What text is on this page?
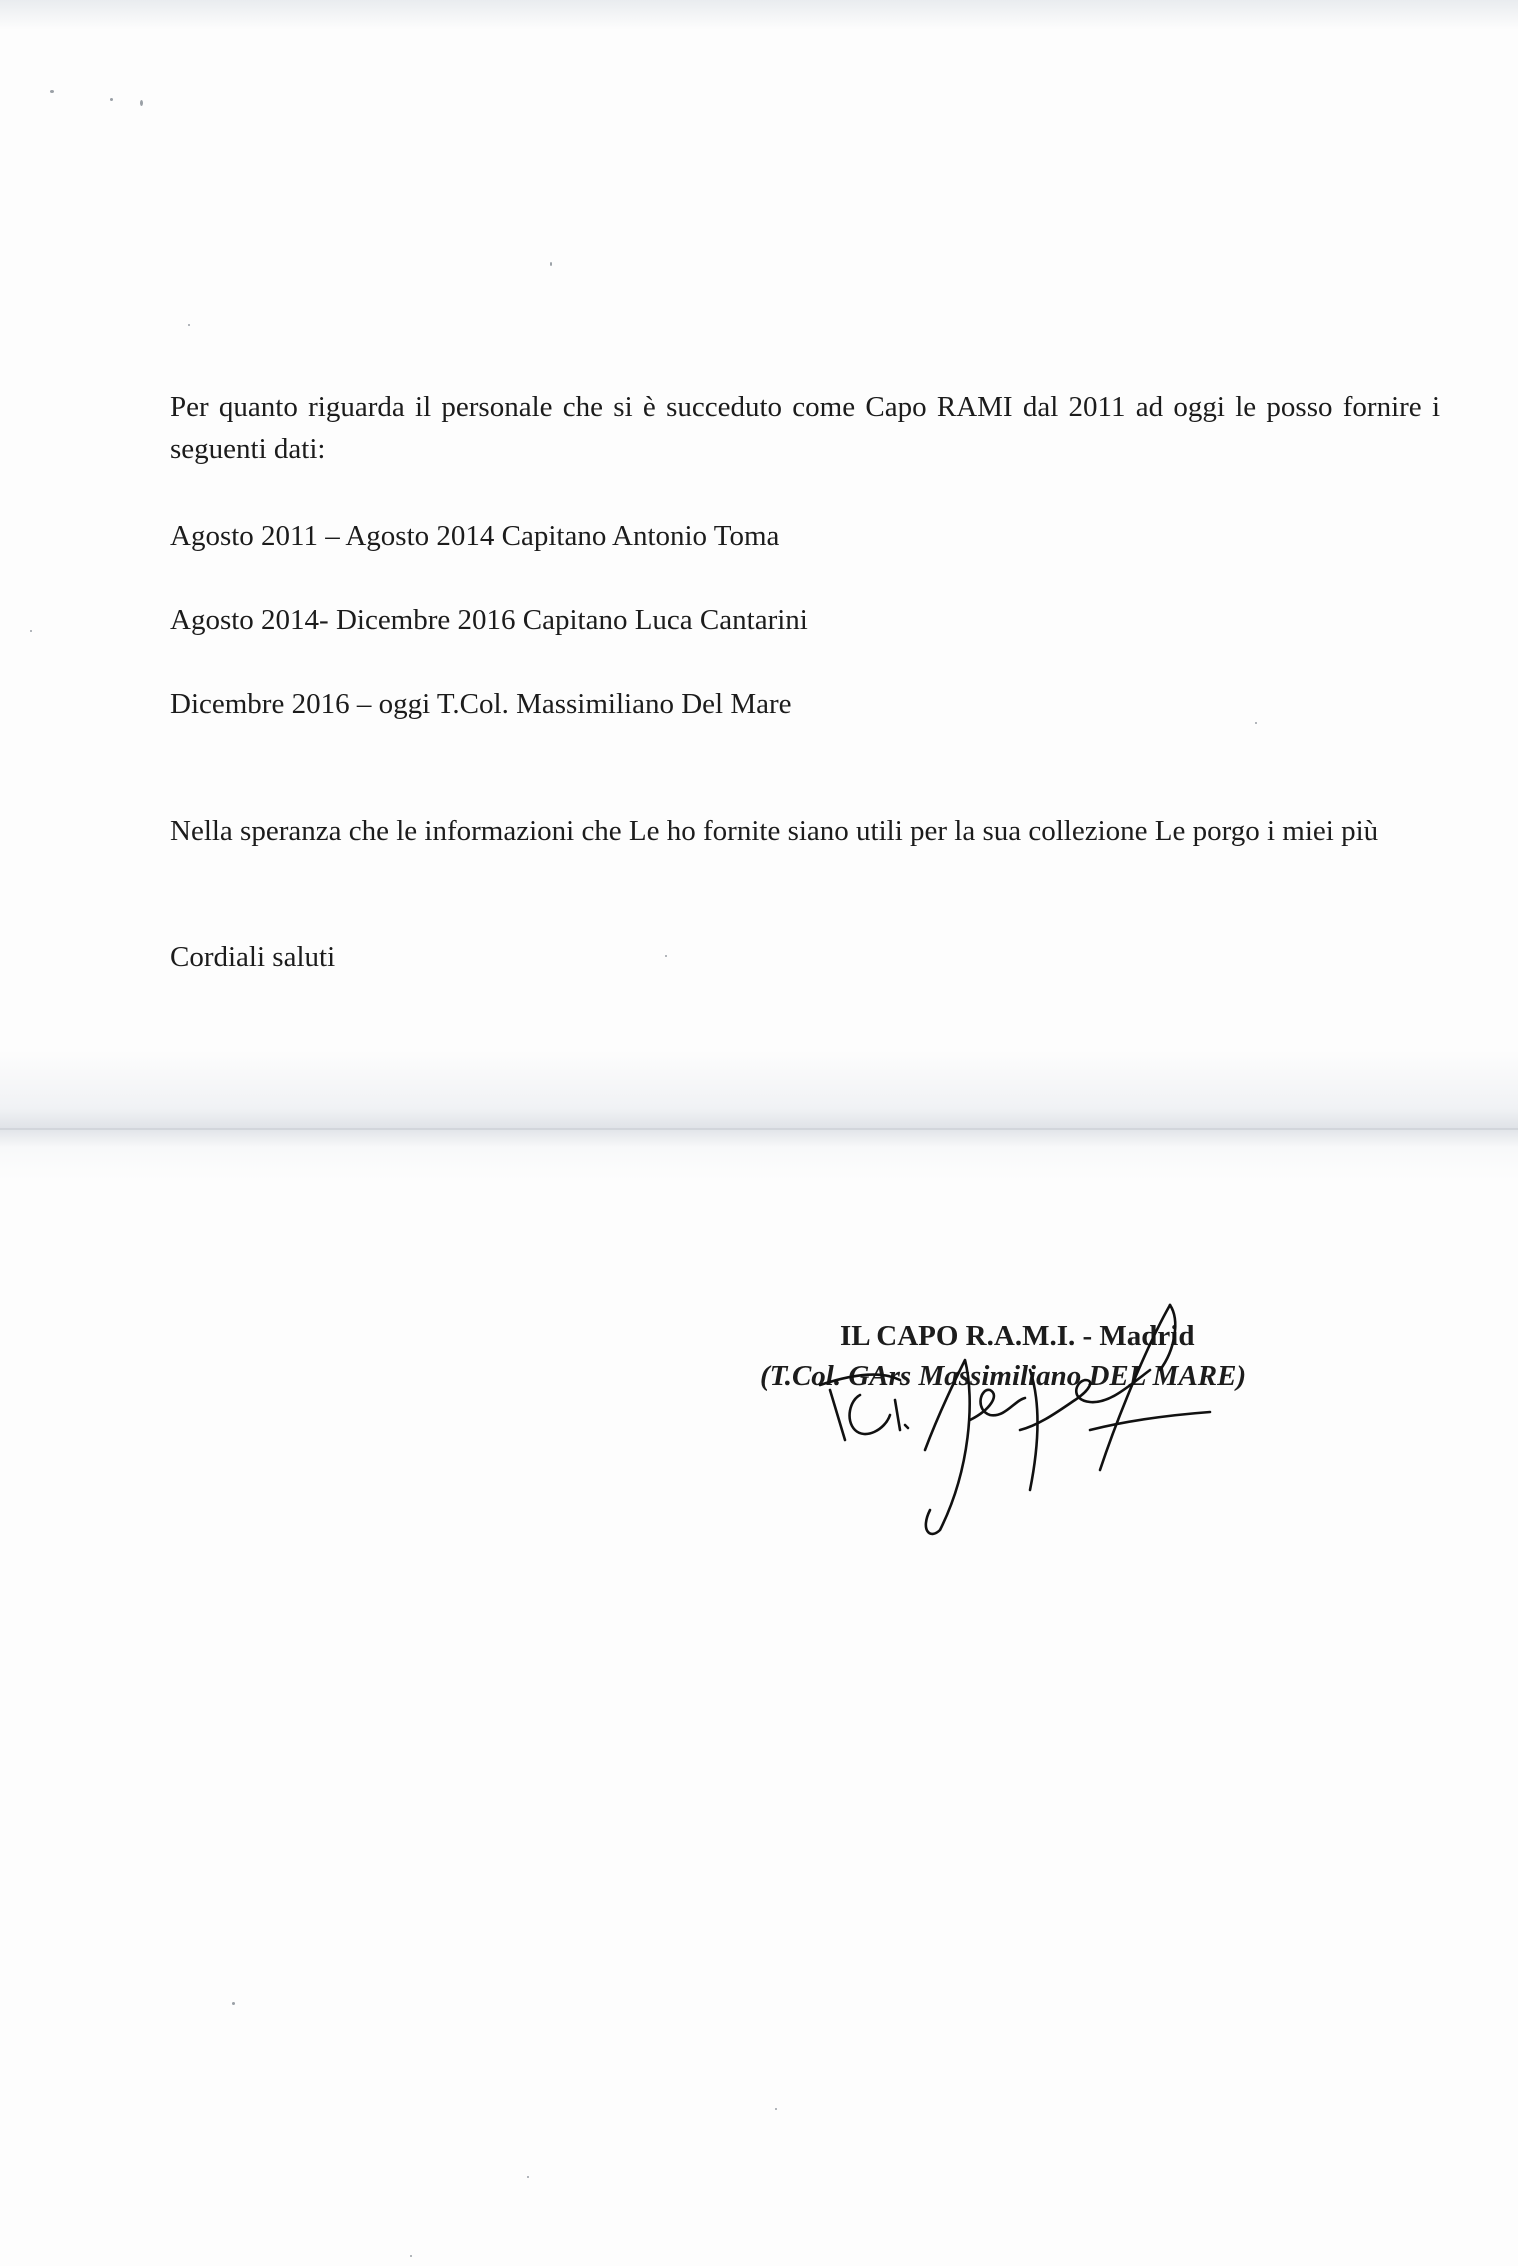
Per quanto riguarda il personale che si è succeduto come Capo RAMI dal 2011 ad oggi le posso fornire i seguenti dati:

Agosto 2011 – Agosto 2014 Capitano Antonio Toma

Agosto 2014- Dicembre 2016 Capitano Luca Cantarini

Dicembre 2016 – oggi T.Col. Massimiliano Del Mare

Nella speranza che le informazioni che Le ho fornite siano utili per la sua collezione Le porgo i miei più

Cordiali saluti

IL CAPO R.A.M.I. - Madrid
(T.Col. GArs Massimiliano DEL MARE)
